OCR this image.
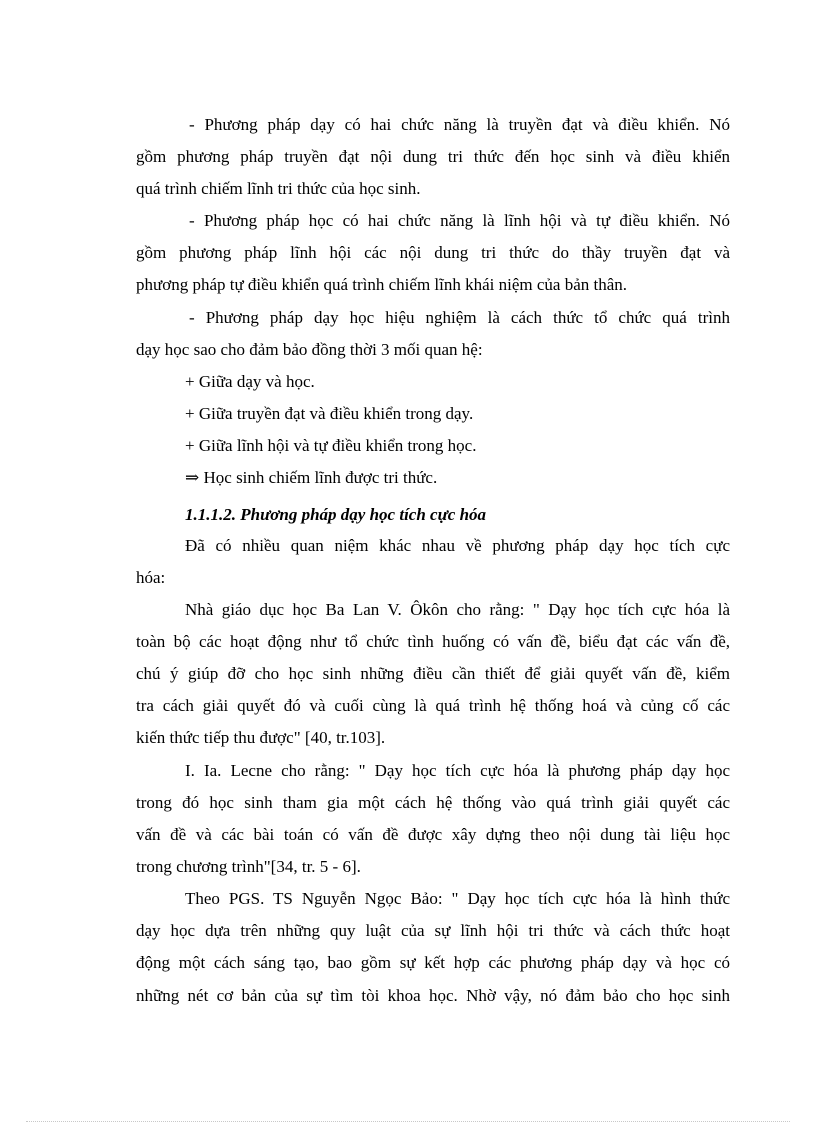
- Phương pháp dạy có hai chức năng là truyền đạt và điều khiển. Nó
gồm phương pháp truyền đạt nội dung tri thức đến học sinh và điều khiển
quá trình chiếm lĩnh tri thức của học sinh.
- Phương pháp học có hai chức năng là lĩnh hội và tự điều khiển. Nó
gồm phương pháp lĩnh hội các nội dung tri thức do thầy truyền đạt và
phương pháp tự điều khiển quá trình chiếm lĩnh khái niệm của bản thân.
- Phương pháp dạy học hiệu nghiệm là cách thức tổ chức quá trình
dạy học sao cho đảm bảo đồng thời 3 mối quan hệ:
+ Giữa dạy và học.
+ Giữa truyền đạt và điều khiển trong dạy.
+ Giữa lĩnh hội và tự điều khiển trong học.
⇒ Học sinh chiếm lĩnh được tri thức.
1.1.1.2. Phương pháp dạy học tích cực hóa
Đã có nhiều quan niệm khác nhau về phương pháp dạy học tích cực
hóa:
Nhà giáo dục học Ba Lan V. Ôkôn cho rằng: " Dạy học tích cực hóa là
toàn bộ các hoạt động như tổ chức tình huống có vấn đề, biểu đạt các vấn đề,
chú ý giúp đỡ cho học sinh những điều cần thiết để giải quyết vấn đề, kiểm
tra cách giải quyết đó và cuối cùng là quá trình hệ thống hoá và củng cố các
kiến thức tiếp thu được" [40, tr.103].
I. Ia. Lecne cho rằng: " Dạy học tích cực hóa là phương pháp dạy học
trong đó học sinh tham gia một cách hệ thống vào quá trình giải quyết các
vấn đề và các bài toán có vấn đề được xây dựng theo nội dung tài liệu học
trong chương trình"[34, tr. 5 - 6].
Theo PGS. TS Nguyễn Ngọc Bảo: " Dạy học tích cực hóa là hình thức
dạy học dựa trên những quy luật của sự lĩnh hội tri thức và cách thức hoạt
động một cách sáng tạo, bao gồm sự kết hợp các phương pháp dạy và học có
những nét cơ bản của sự tìm tòi khoa học. Nhờ vậy, nó đảm bảo cho học sinh
